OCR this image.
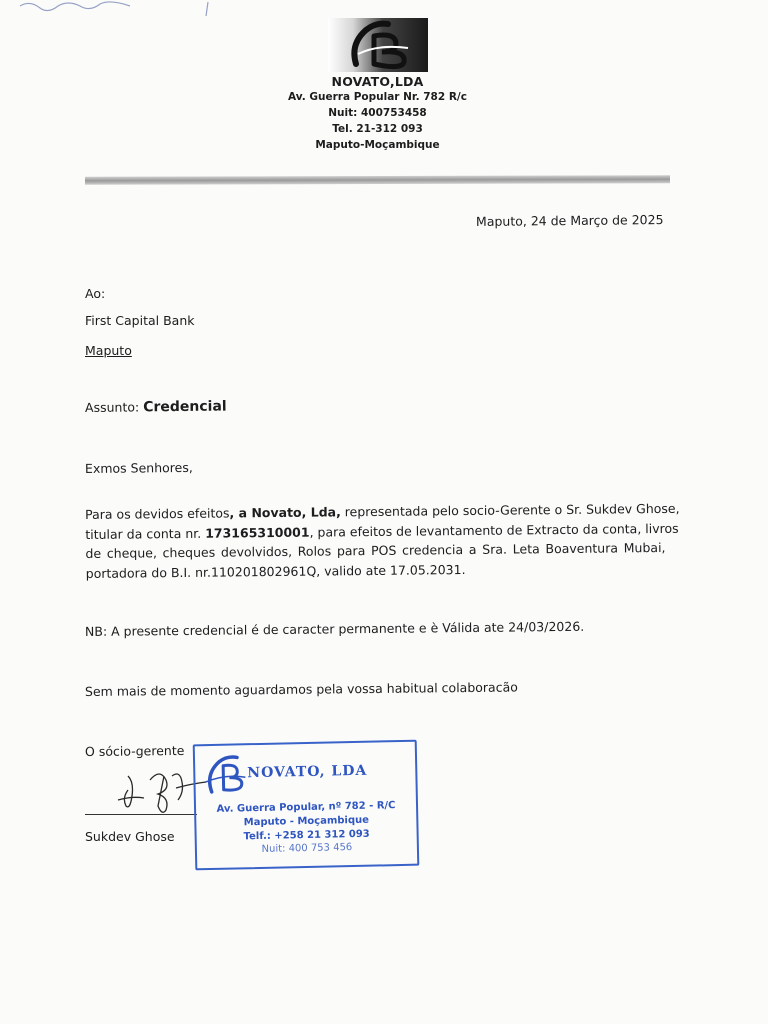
NOVATO,LDA
Av. Guerra Popular Nr. 782 R/c
Nuit: 400753458
Tel. 21-312 093
Maputo-Moçambique
Maputo, 24 de Março de 2025
Ao:
First Capital Bank
Maputo
Assunto: Credencial
Exmos Senhores,
Para os devidos efeitos, a Novato, Lda, representada pelo socio-Gerente o Sr. Sukdev Ghose,
titular da conta nr. 173165310001, para efeitos de levantamento de Extracto da conta, livros
de cheque, cheques devolvidos, Rolos para POS credencia a Sra. Leta Boaventura Mubai,
portadora do B.I. nr.110201802961Q, valido ate 17.05.2031.
NB: A presente credencial é de caracter permanente e è Válida ate 24/03/2026.
Sem mais de momento aguardamos pela vossa habitual colaboracão
O sócio-gerente
Sukdev Ghose
NOVATO, LDA
Av. Guerra Popular, nº 782 - R/C
Maputo - Moçambique
Telf.: +258 21 312 093
Nuit: 400 753 456
